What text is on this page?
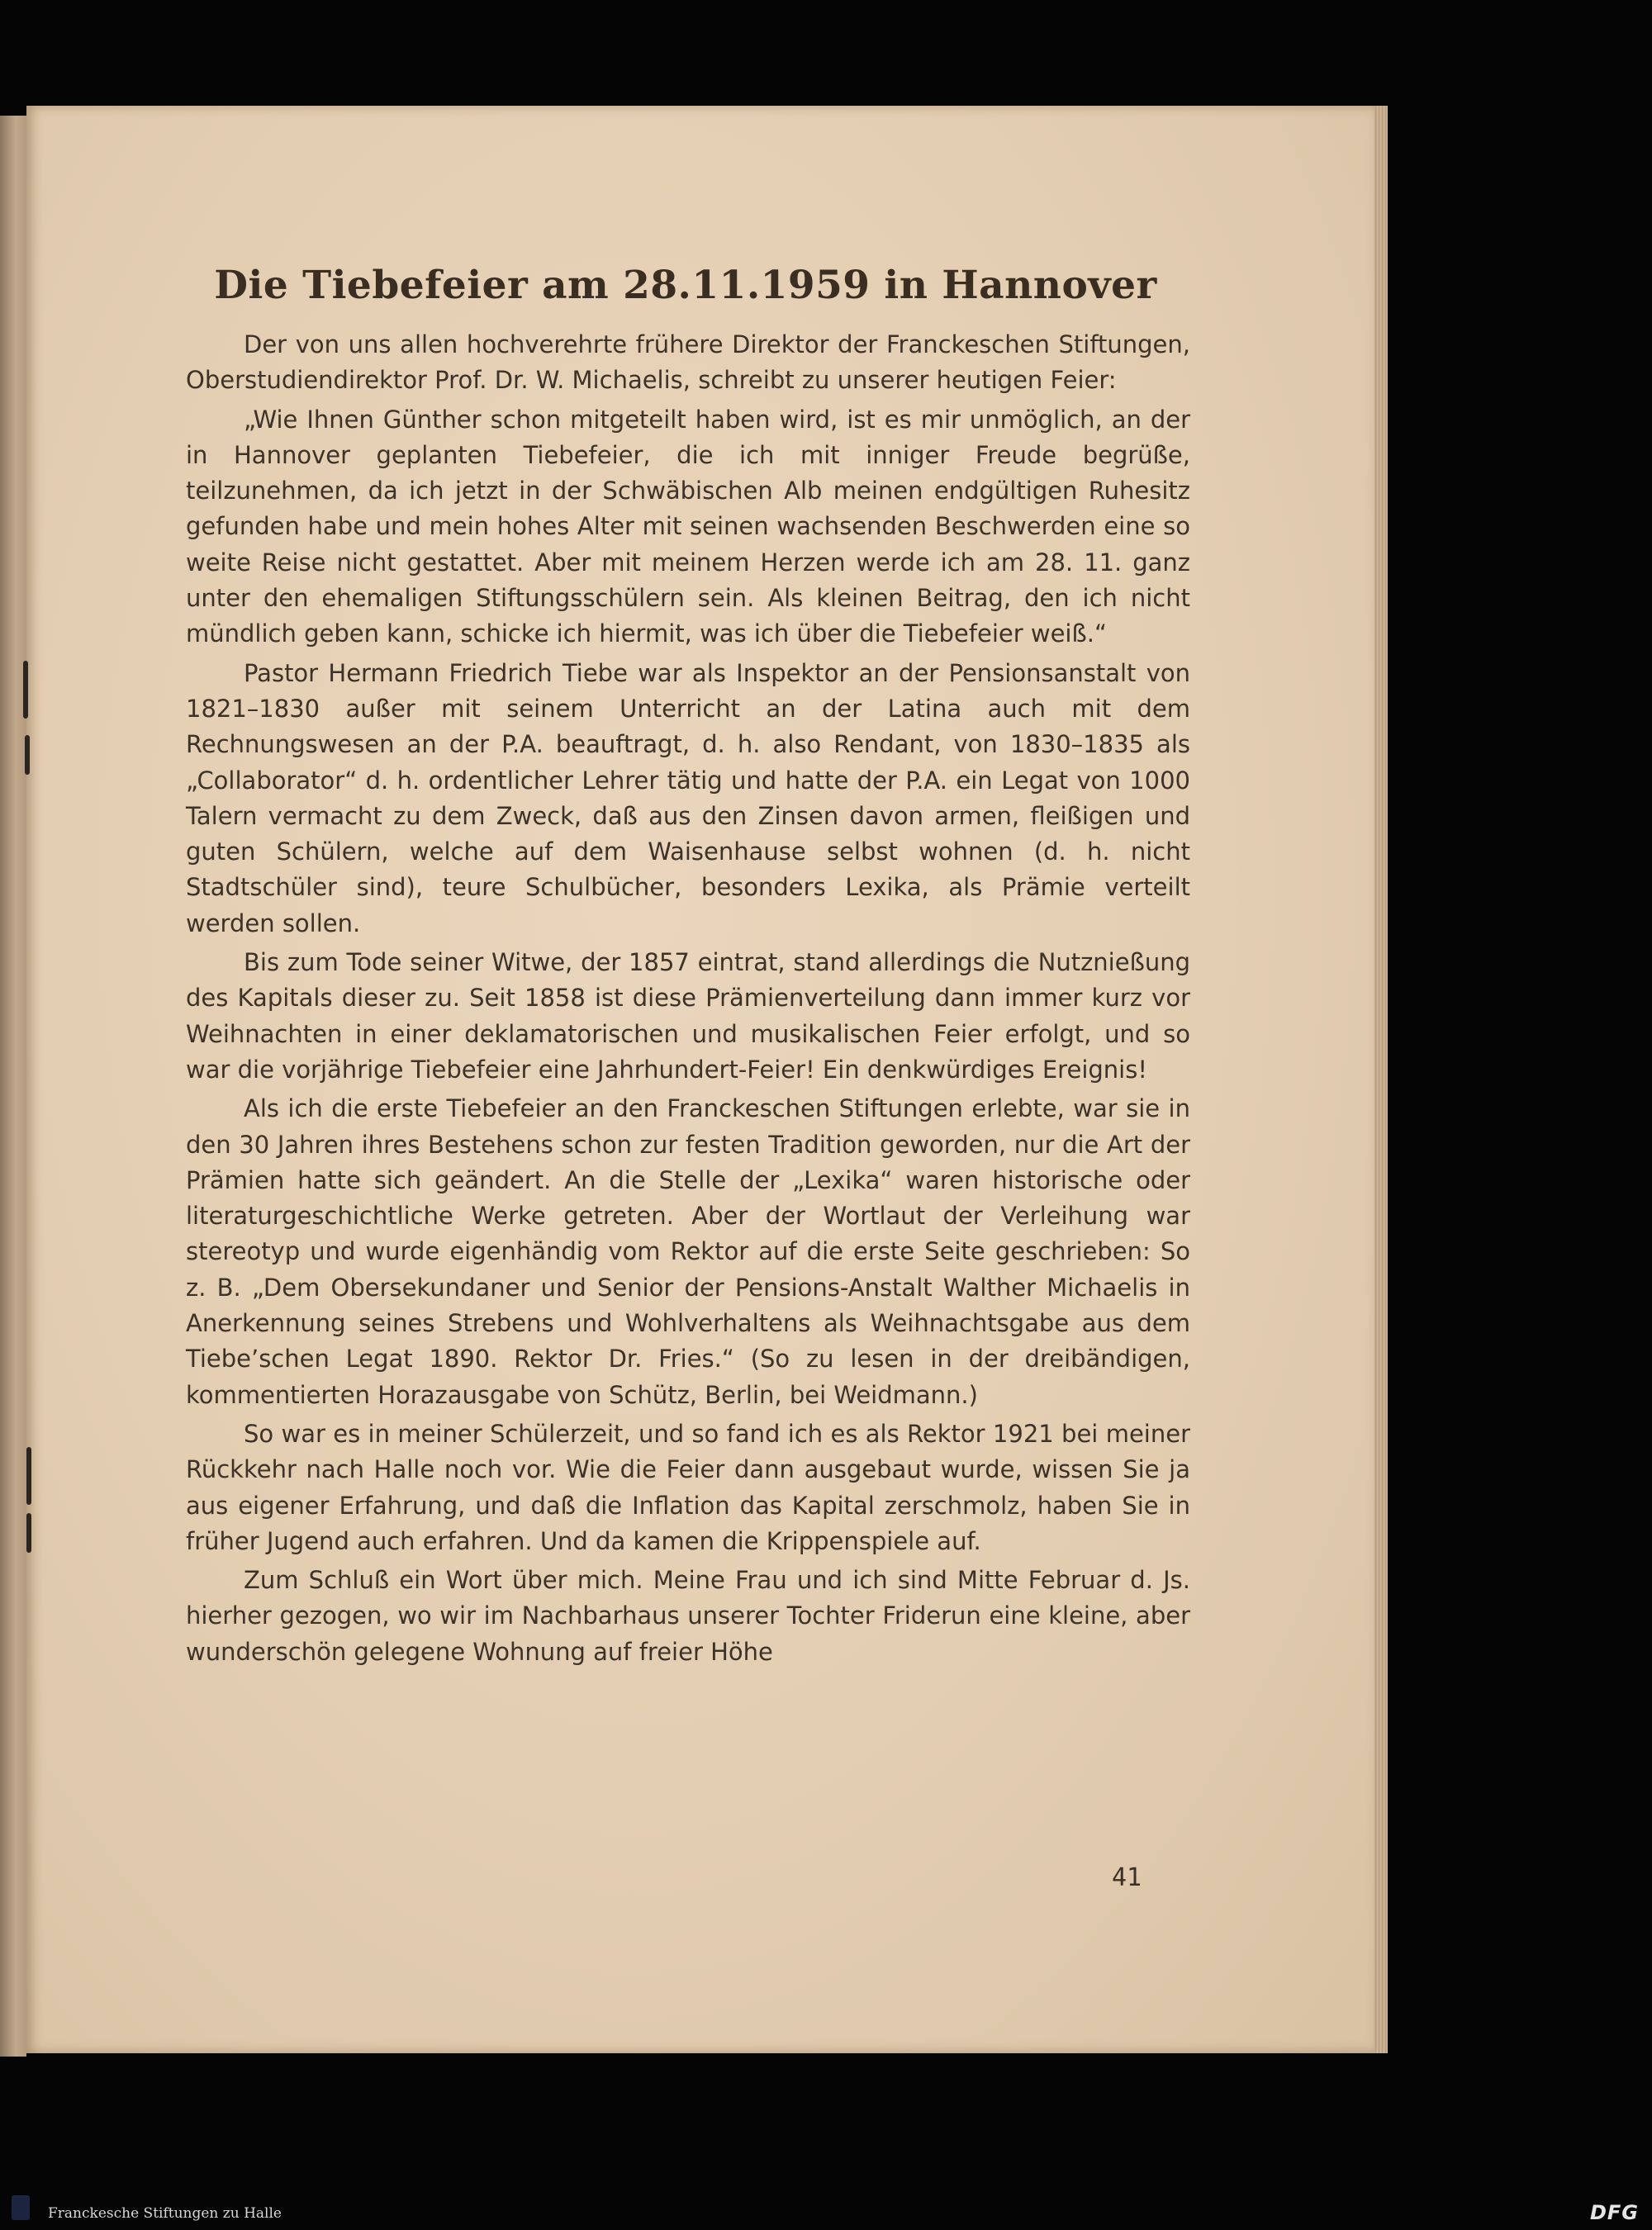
Die Tiebefeier am 28.11.1959 in Hannover

Der von uns allen hochverehrte frühere Direktor der Franckeschen Stiftungen, Oberstudiendirektor Prof. Dr. W. Michaelis, schreibt zu unserer heutigen Feier:

„Wie Ihnen Günther schon mitgeteilt haben wird, ist es mir unmöglich, an der in Hannover geplanten Tiebefeier, die ich mit inniger Freude begrüße, teilzunehmen, da ich jetzt in der Schwäbischen Alb meinen endgültigen Ruhesitz gefunden habe und mein hohes Alter mit seinen wachsenden Beschwerden eine so weite Reise nicht gestattet. Aber mit meinem Herzen werde ich am 28. 11. ganz unter den ehemaligen Stiftungsschülern sein. Als kleinen Beitrag, den ich nicht mündlich geben kann, schicke ich hiermit, was ich über die Tiebefeier weiß.“

Pastor Hermann Friedrich Tiebe war als Inspektor an der Pensionsanstalt von 1821–1830 außer mit seinem Unterricht an der Latina auch mit dem Rechnungswesen an der P.A. beauftragt, d. h. also Rendant, von 1830–1835 als „Collaborator“ d. h. ordentlicher Lehrer tätig und hatte der P.A. ein Legat von 1000 Talern vermacht zu dem Zweck, daß aus den Zinsen davon armen, fleißigen und guten Schülern, welche auf dem Waisenhause selbst wohnen (d. h. nicht Stadtschüler sind), teure Schulbücher, besonders Lexika, als Prämie verteilt werden sollen.

Bis zum Tode seiner Witwe, der 1857 eintrat, stand allerdings die Nutznießung des Kapitals dieser zu. Seit 1858 ist diese Prämienverteilung dann immer kurz vor Weihnachten in einer deklamatorischen und musikalischen Feier erfolgt, und so war die vorjährige Tiebefeier eine Jahrhundert-Feier! Ein denkwürdiges Ereignis!

Als ich die erste Tiebefeier an den Franckeschen Stiftungen erlebte, war sie in den 30 Jahren ihres Bestehens schon zur festen Tradition geworden, nur die Art der Prämien hatte sich geändert. An die Stelle der „Lexika“ waren historische oder literaturgeschichtliche Werke getreten. Aber der Wortlaut der Verleihung war stereotyp und wurde eigenhändig vom Rektor auf die erste Seite geschrieben: So z. B. „Dem Obersekundaner und Senior der Pensions-Anstalt Walther Michaelis in Anerkennung seines Strebens und Wohlverhaltens als Weihnachtsgabe aus dem Tiebe’schen Legat 1890. Rektor Dr. Fries.“ (So zu lesen in der dreibändigen, kommentierten Horazausgabe von Schütz, Berlin, bei Weidmann.)

So war es in meiner Schülerzeit, und so fand ich es als Rektor 1921 bei meiner Rückkehr nach Halle noch vor. Wie die Feier dann ausgebaut wurde, wissen Sie ja aus eigener Erfahrung, und daß die Inflation das Kapital zerschmolz, haben Sie in früher Jugend auch erfahren. Und da kamen die Krippenspiele auf.

Zum Schluß ein Wort über mich. Meine Frau und ich sind Mitte Februar d. Js. hierher gezogen, wo wir im Nachbarhaus unserer Tochter Friderun eine kleine, aber wunderschön gelegene Wohnung auf freier Höhe

41
Franckesche Stiftungen zu Halle	DFG
